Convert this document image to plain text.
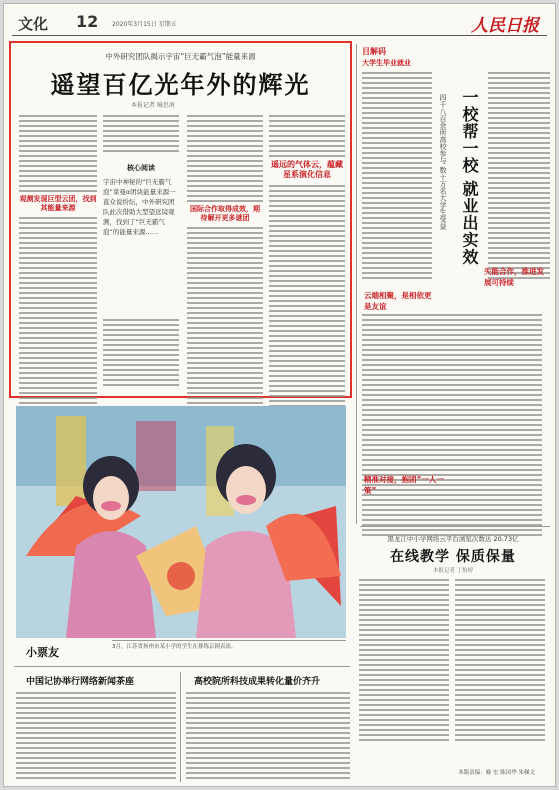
文化 12 2020年3月15日 星期五	人民日报
中外研究团队揭示宇宙“巨无霸气泡”能量来源
遥望百亿光年外的辉光
本报记者 喻思南
观测发现巨型云团，找到其能量来源
核心阅读
宇宙中神秘的“巨无霸气泡”莱曼α团块能量来源一直众说纷纭，中外研究团队此次借助大型望远镜观测，找到了“巨无霸气泡”的能量来源……
国际合作取得成效，期待解开更多谜团
遥远的气体云，蕴藏星系演化信息
目解码
大学生毕业就业
四千八百余所高校参与 数十万名大学生受益 一校帮一校 就业出实效
云端相聚，是相依更是友谊
精准对接，抱团“一人一策”
失能合作，推进发展可持续
小票友	3月，江苏省扬州市某小学的学生在排练京剧表演。
中国记协举行网络新闻茶座	高校院所科技成果转化量价齐升
黑龙江中小学网络云平台浏览次数达 20.73亿
在线教学 保质保量
本报记者 丁怡婷
本版责编：喻 宏 陈国华 朱佩文
